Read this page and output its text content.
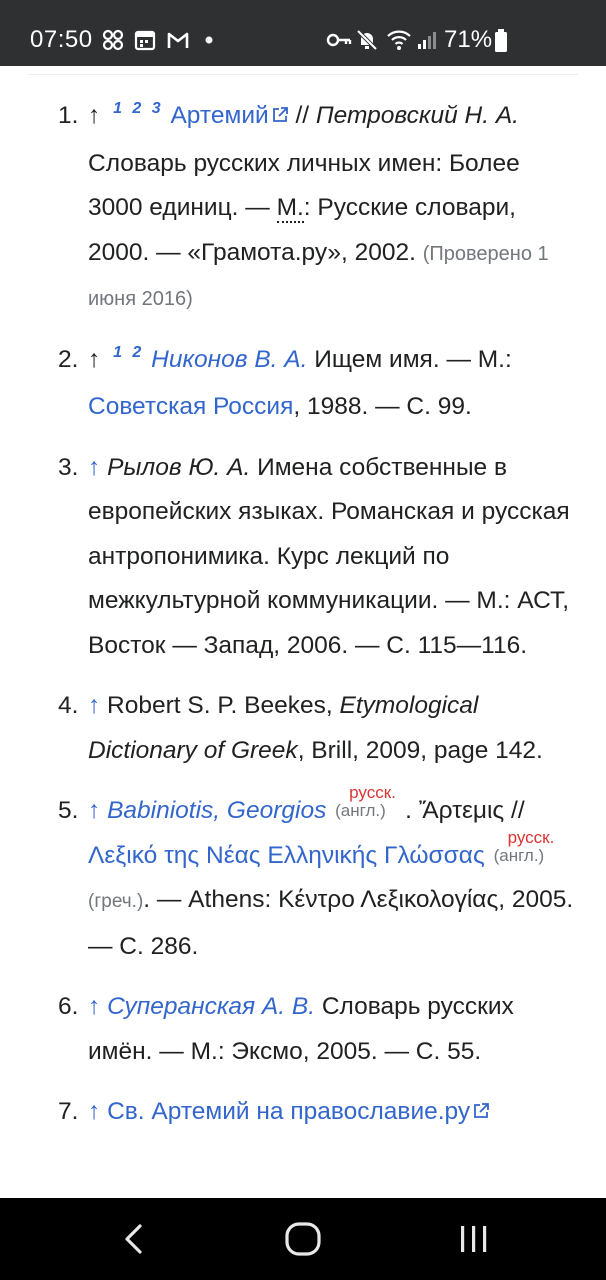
07:50	71%
1. ↑ $^{1 2 3}$ Артемий // Петровский Н. А. Словарь русских личных имен: Более 3000 единиц. — М.: Русские словари, 2000. — «Грамота.ру», 2002. (Проверено 1 июня 2016)
2. ↑ $^{1 2}$ Никонов В. А. Ищем имя. — М.: Советская Россия, 1988. — С. 99.
3. ↑ Рылов Ю. А. Имена собственные в европейских языках. Романская и русская антропонимика. Курс лекций по межкультурной коммуникации. — М.: АСТ, Восток — Запад, 2006. — С. 115—116.
4. ↑ Robert S. P. Beekes, Etymological Dictionary of Greek, Brill, 2009, page 142.
5. ↑ Babiniotis, Georgios
русск.
(англ.) . Ἄρτεμις // Λεξικό της Νέας Ελληνικής Γλώσσας
русск.
(англ.)
(греч.). — Athens: Κέντρο Λεξικολογίας, 2005. — С. 286.
6. ↑ Суперанская А. В. Словарь русских имён. — М.: Эксмо, 2005. — С. 55.
7. ↑ Св. Артемий на православие.ру
